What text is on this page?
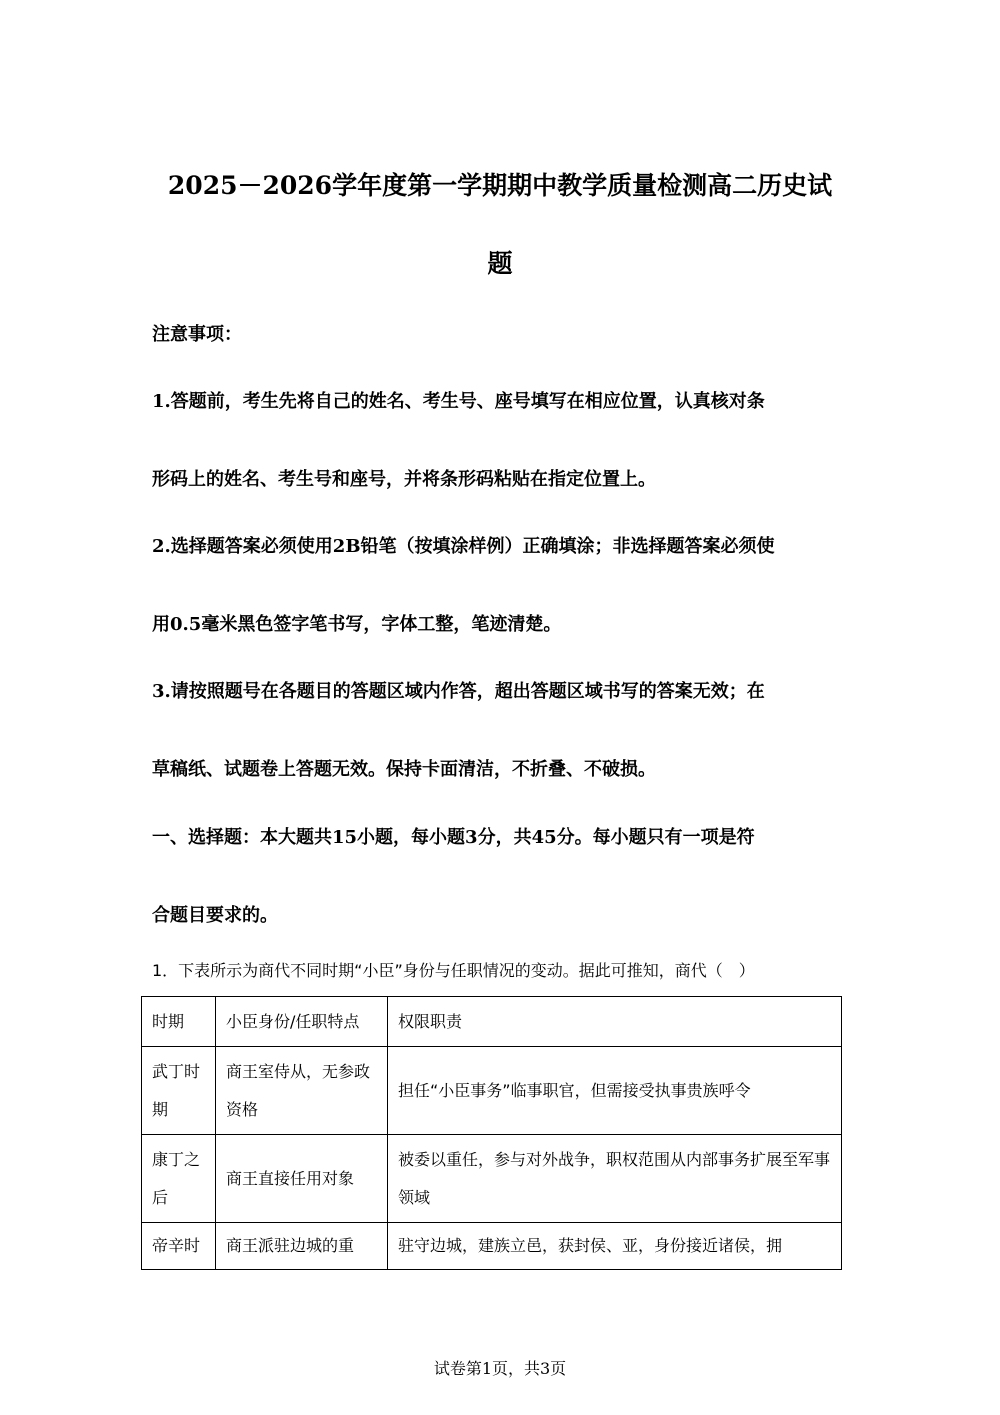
2025－2026学年度第一学期期中教学质量检测高二历史试
题

注意事项：

1.答题前，考生先将自己的姓名、考生号、座号填写在相应位置，认真核对条

形码上的姓名、考生号和座号，并将条形码粘贴在指定位置上。

2.选择题答案必须使用2B铅笔（按填涂样例）正确填涂；非选择题答案必须使

用0.5毫米黑色签字笔书写，字体工整，笔迹清楚。

3.请按照题号在各题目的答题区域内作答，超出答题区域书写的答案无效；在

草稿纸、试题卷上答题无效。保持卡面清洁，不折叠、不破损。

一、选择题：本大题共15小题，每小题3分，共45分。每小题只有一项是符

合题目要求的。

1．下表所示为商代不同时期“小臣”身份与任职情况的变动。据此可推知，商代（　）

时期	小臣身份/任职特点	权限职责
武丁时期	商王室侍从，无参政资格	担任“小臣事务”临事职官，但需接受执事贵族呼令
康丁之后	商王直接任用对象	被委以重任，参与对外战争，职权范围从内部事务扩展至军事领域
帝辛时	商王派驻边城的重	驻守边城，建族立邑，获封侯、亚，身份接近诸侯，拥

试卷第1页，共3页
